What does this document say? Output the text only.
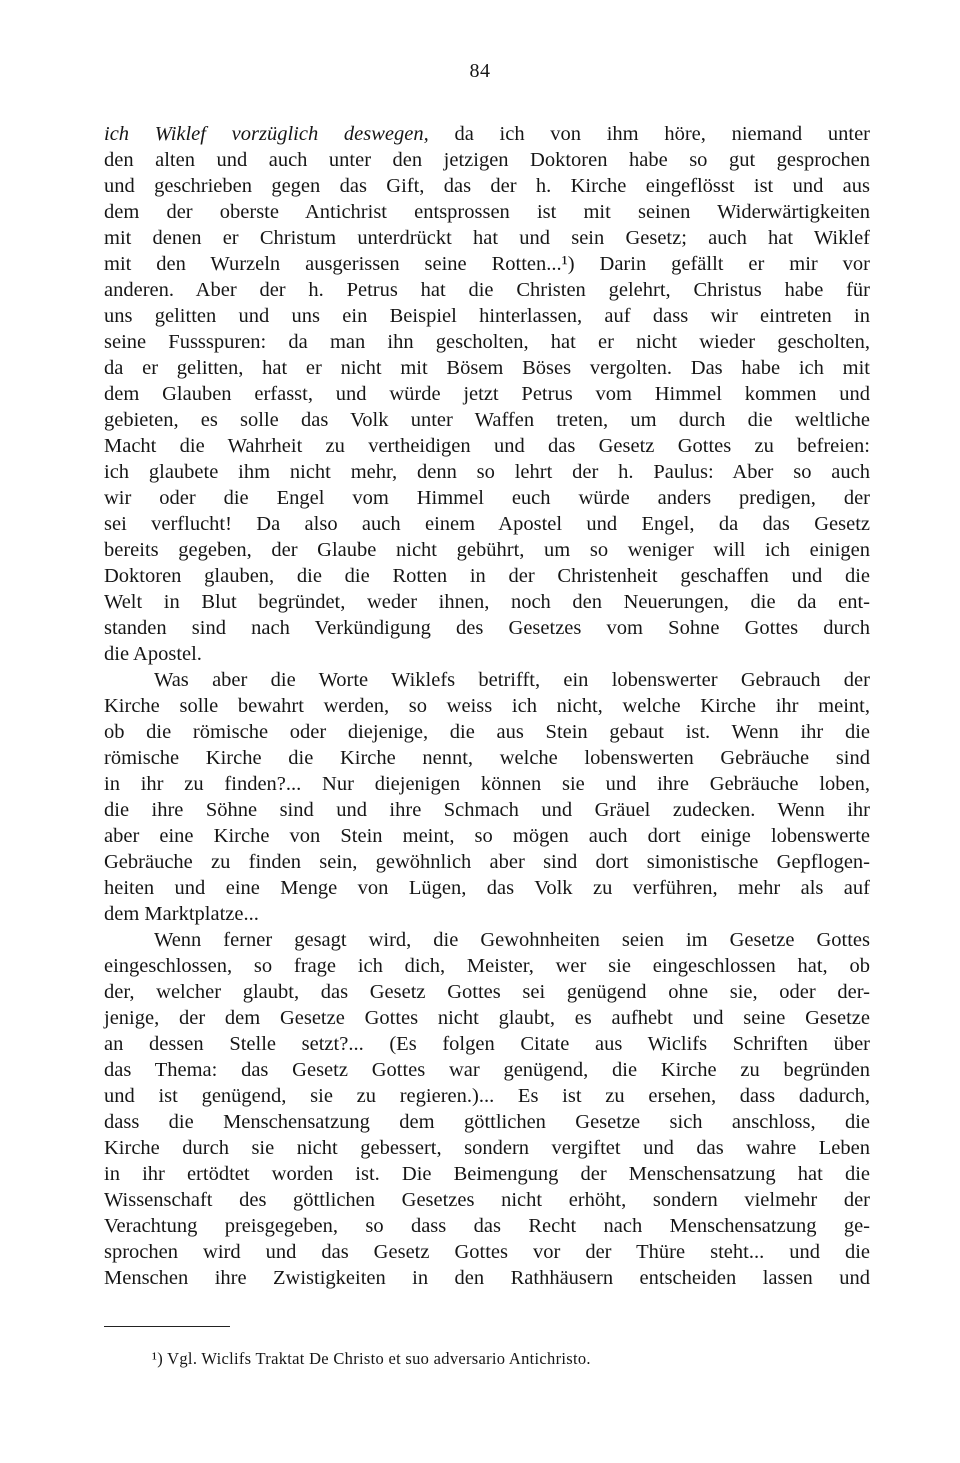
84
ich Wiklef vorzüglich deswegen, da ich von ihm höre, niemand unter
den alten und auch unter den jetzigen Doktoren habe so gut gesprochen
und geschrieben gegen das Gift, das der h. Kirche eingeflösst ist und aus
dem der oberste Antichrist entsprossen ist mit seinen Widerwärtigkeiten
mit denen er Christum unterdrückt hat und sein Gesetz; auch hat Wiklef
mit den Wurzeln ausgerissen seine Rotten...¹) Darin gefällt er mir vor
anderen. Aber der h. Petrus hat die Christen gelehrt, Christus habe für
uns gelitten und uns ein Beispiel hinterlassen, auf dass wir eintreten in
seine Fussspuren: da man ihn gescholten, hat er nicht wieder gescholten,
da er gelitten, hat er nicht mit Bösem Böses vergolten. Das habe ich mit
dem Glauben erfasst, und würde jetzt Petrus vom Himmel kommen und
gebieten, es solle das Volk unter Waffen treten, um durch die weltliche
Macht die Wahrheit zu vertheidigen und das Gesetz Gottes zu befreien:
ich glaubete ihm nicht mehr, denn so lehrt der h. Paulus: Aber so auch
wir oder die Engel vom Himmel euch würde anders predigen, der
sei verflucht! Da also auch einem Apostel und Engel, da das Gesetz
bereits gegeben, der Glaube nicht gebührt, um so weniger will ich einigen
Doktoren glauben, die die Rotten in der Christenheit geschaffen und die
Welt in Blut begründet, weder ihnen, noch den Neuerungen, die da ent-
standen sind nach Verkündigung des Gesetzes vom Sohne Gottes durch
die Apostel.
Was aber die Worte Wiklefs betrifft, ein lobenswerter Gebrauch der
Kirche solle bewahrt werden, so weiss ich nicht, welche Kirche ihr meint,
ob die römische oder diejenige, die aus Stein gebaut ist. Wenn ihr die
römische Kirche die Kirche nennt, welche lobenswerten Gebräuche sind
in ihr zu finden?... Nur diejenigen können sie und ihre Gebräuche loben,
die ihre Söhne sind und ihre Schmach und Gräuel zudecken. Wenn ihr
aber eine Kirche von Stein meint, so mögen auch dort einige lobenswerte
Gebräuche zu finden sein, gewöhnlich aber sind dort simonistische Gepflogen-
heiten und eine Menge von Lügen, das Volk zu verführen, mehr als auf
dem Marktplatze...
Wenn ferner gesagt wird, die Gewohnheiten seien im Gesetze Gottes
eingeschlossen, so frage ich dich, Meister, wer sie eingeschlossen hat, ob
der, welcher glaubt, das Gesetz Gottes sei genügend ohne sie, oder der-
jenige, der dem Gesetze Gottes nicht glaubt, es aufhebt und seine Gesetze
an dessen Stelle setzt?... (Es folgen Citate aus Wiclifs Schriften über
das Thema: das Gesetz Gottes war genügend, die Kirche zu begründen
und ist genügend, sie zu regieren.)... Es ist zu ersehen, dass dadurch,
dass die Menschensatzung dem göttlichen Gesetze sich anschloss, die
Kirche durch sie nicht gebessert, sondern vergiftet und das wahre Leben
in ihr ertödtet worden ist. Die Beimengung der Menschensatzung hat die
Wissenschaft des göttlichen Gesetzes nicht erhöht, sondern vielmehr der
Verachtung preisgegeben, so dass das Recht nach Menschensatzung ge-
sprochen wird und das Gesetz Gottes vor der Thüre steht... und die
Menschen ihre Zwistigkeiten in den Rathhäusern entscheiden lassen und
¹) Vgl. Wiclifs Traktat De Christo et suo adversario Antichristo.
